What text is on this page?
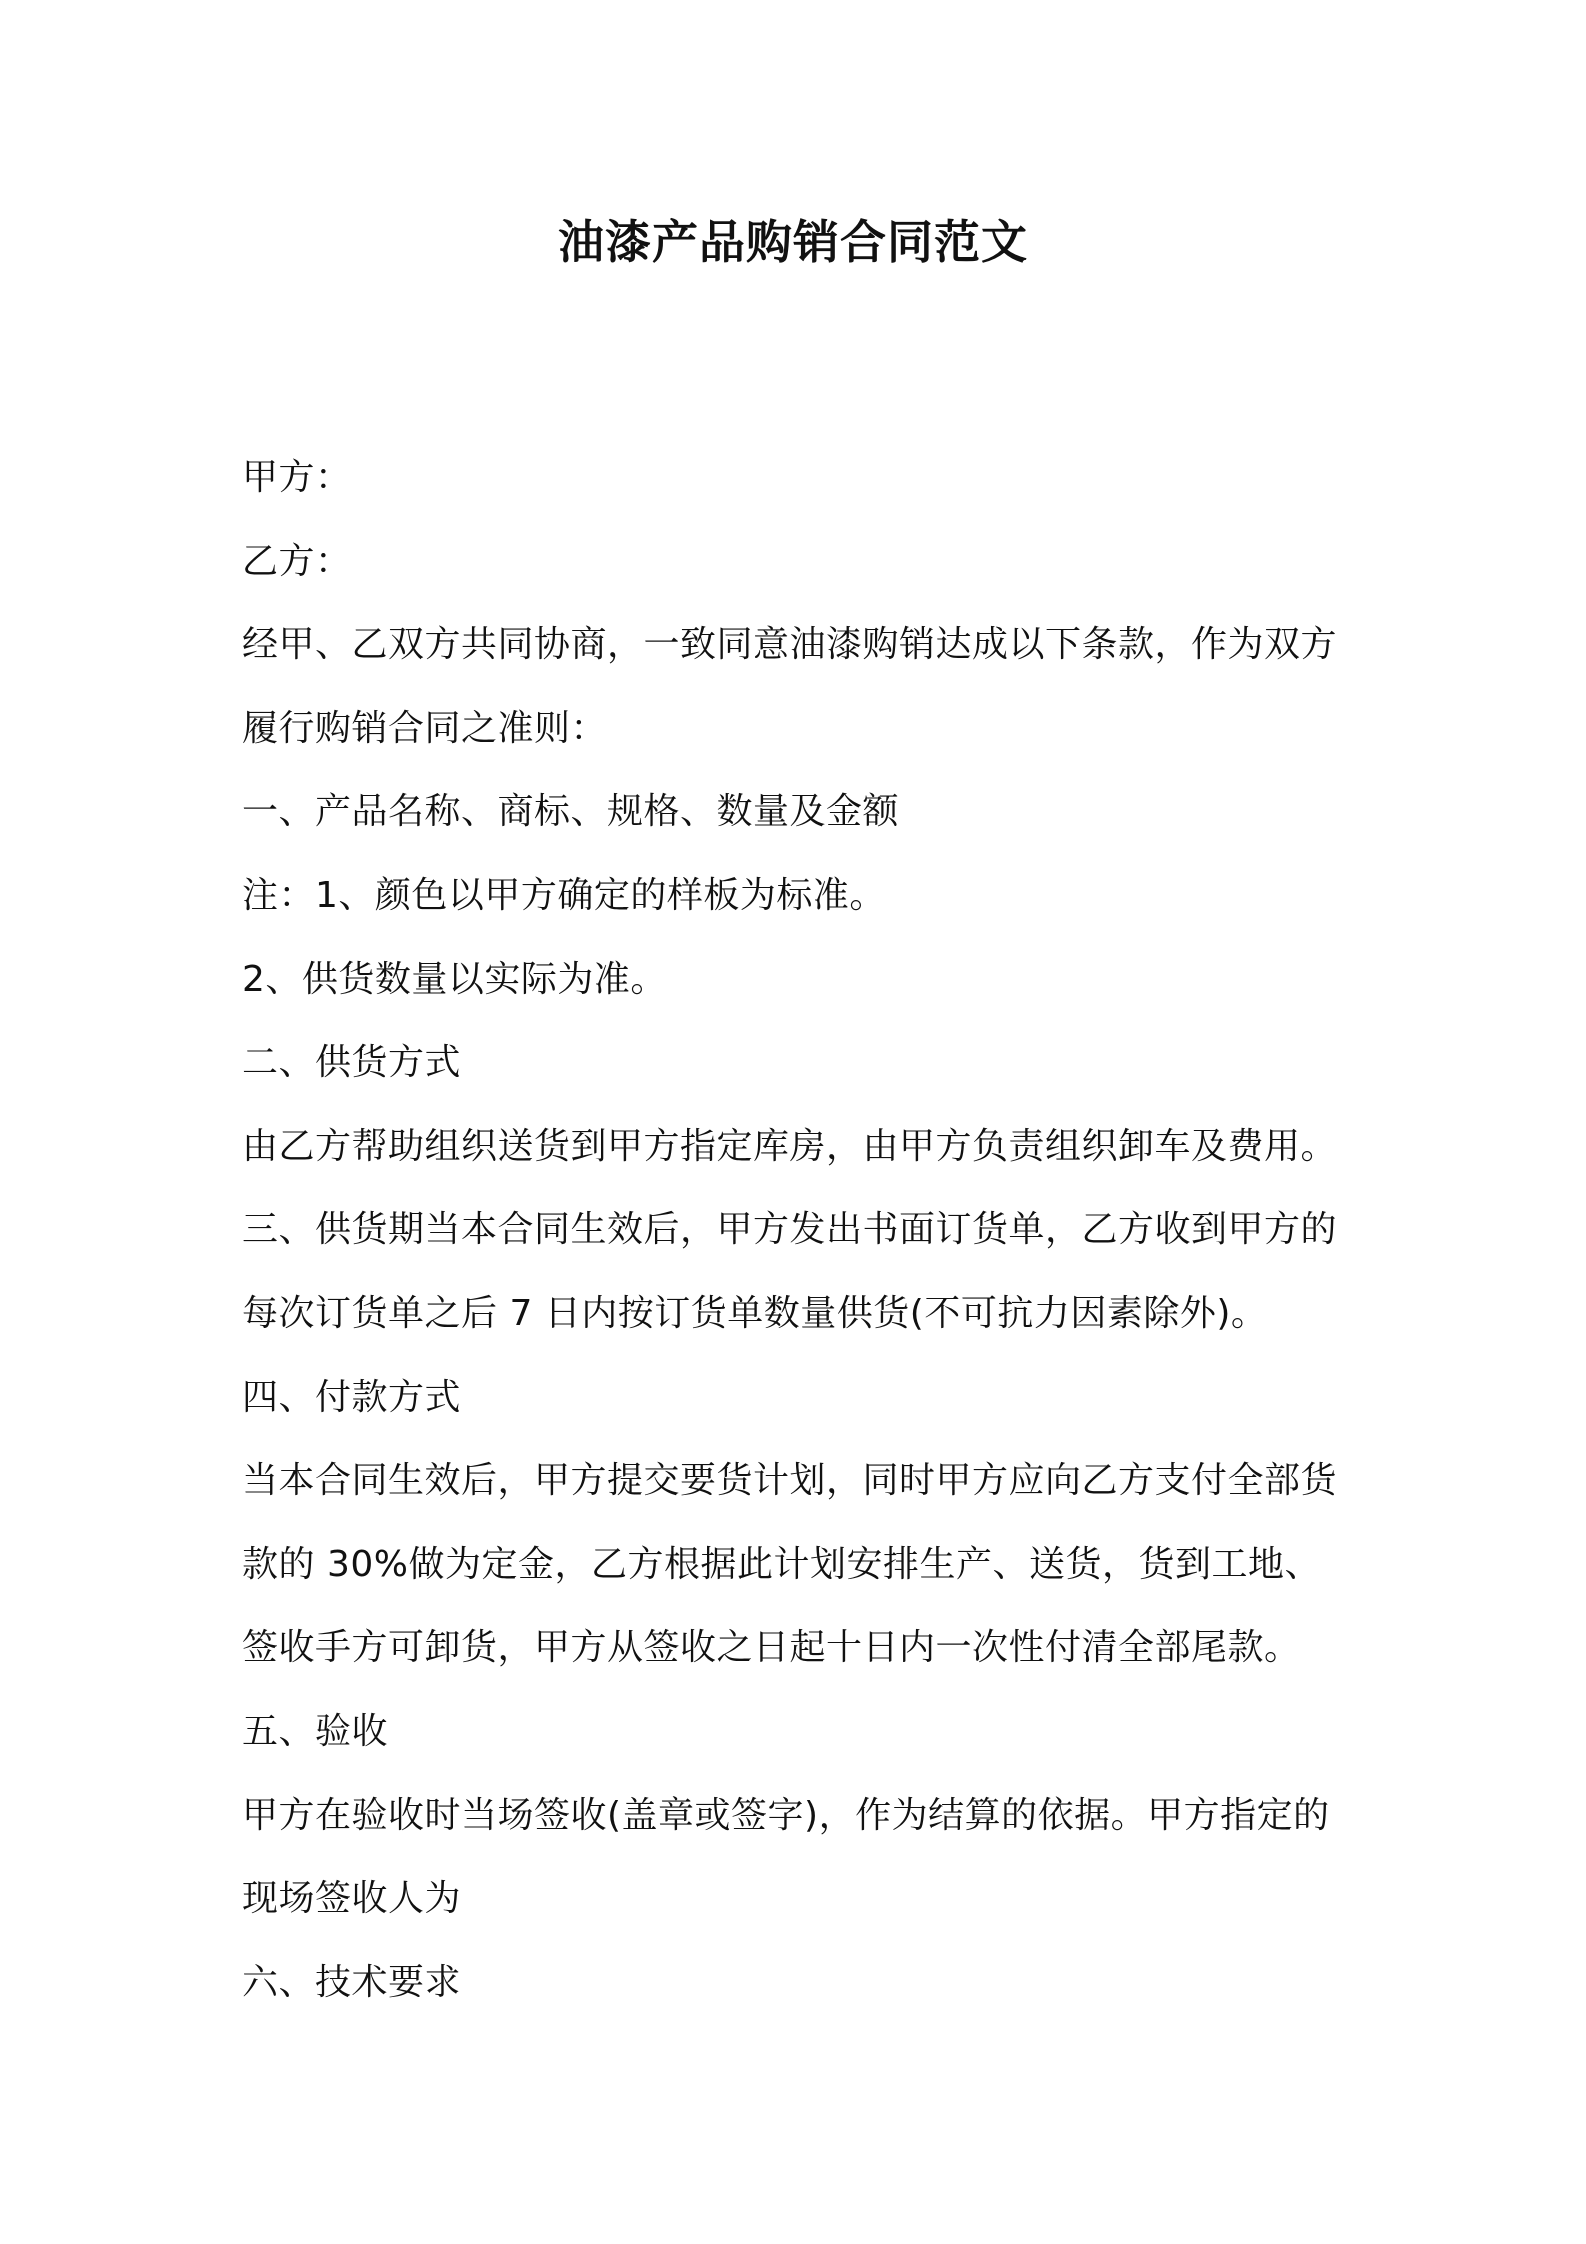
油漆产品购销合同范文
甲方：
乙方：
经甲、乙双方共同协商，一致同意油漆购销达成以下条款，作为双方
履行购销合同之准则：
一、产品名称、商标、规格、数量及金额
注：1、颜色以甲方确定的样板为标准。
2、供货数量以实际为准。
二、供货方式
由乙方帮助组织送货到甲方指定库房，由甲方负责组织卸车及费用。
三、供货期当本合同生效后，甲方发出书面订货单，乙方收到甲方的
每次订货单之后 7 日内按订货单数量供货(不可抗力因素除外)。
四、付款方式
当本合同生效后，甲方提交要货计划，同时甲方应向乙方支付全部货
款的 30%做为定金，乙方根据此计划安排生产、送货，货到工地、
签收手方可卸货，甲方从签收之日起十日内一次性付清全部尾款。
五、验收
甲方在验收时当场签收(盖章或签字)，作为结算的依据。甲方指定的
现场签收人为
六、技术要求
